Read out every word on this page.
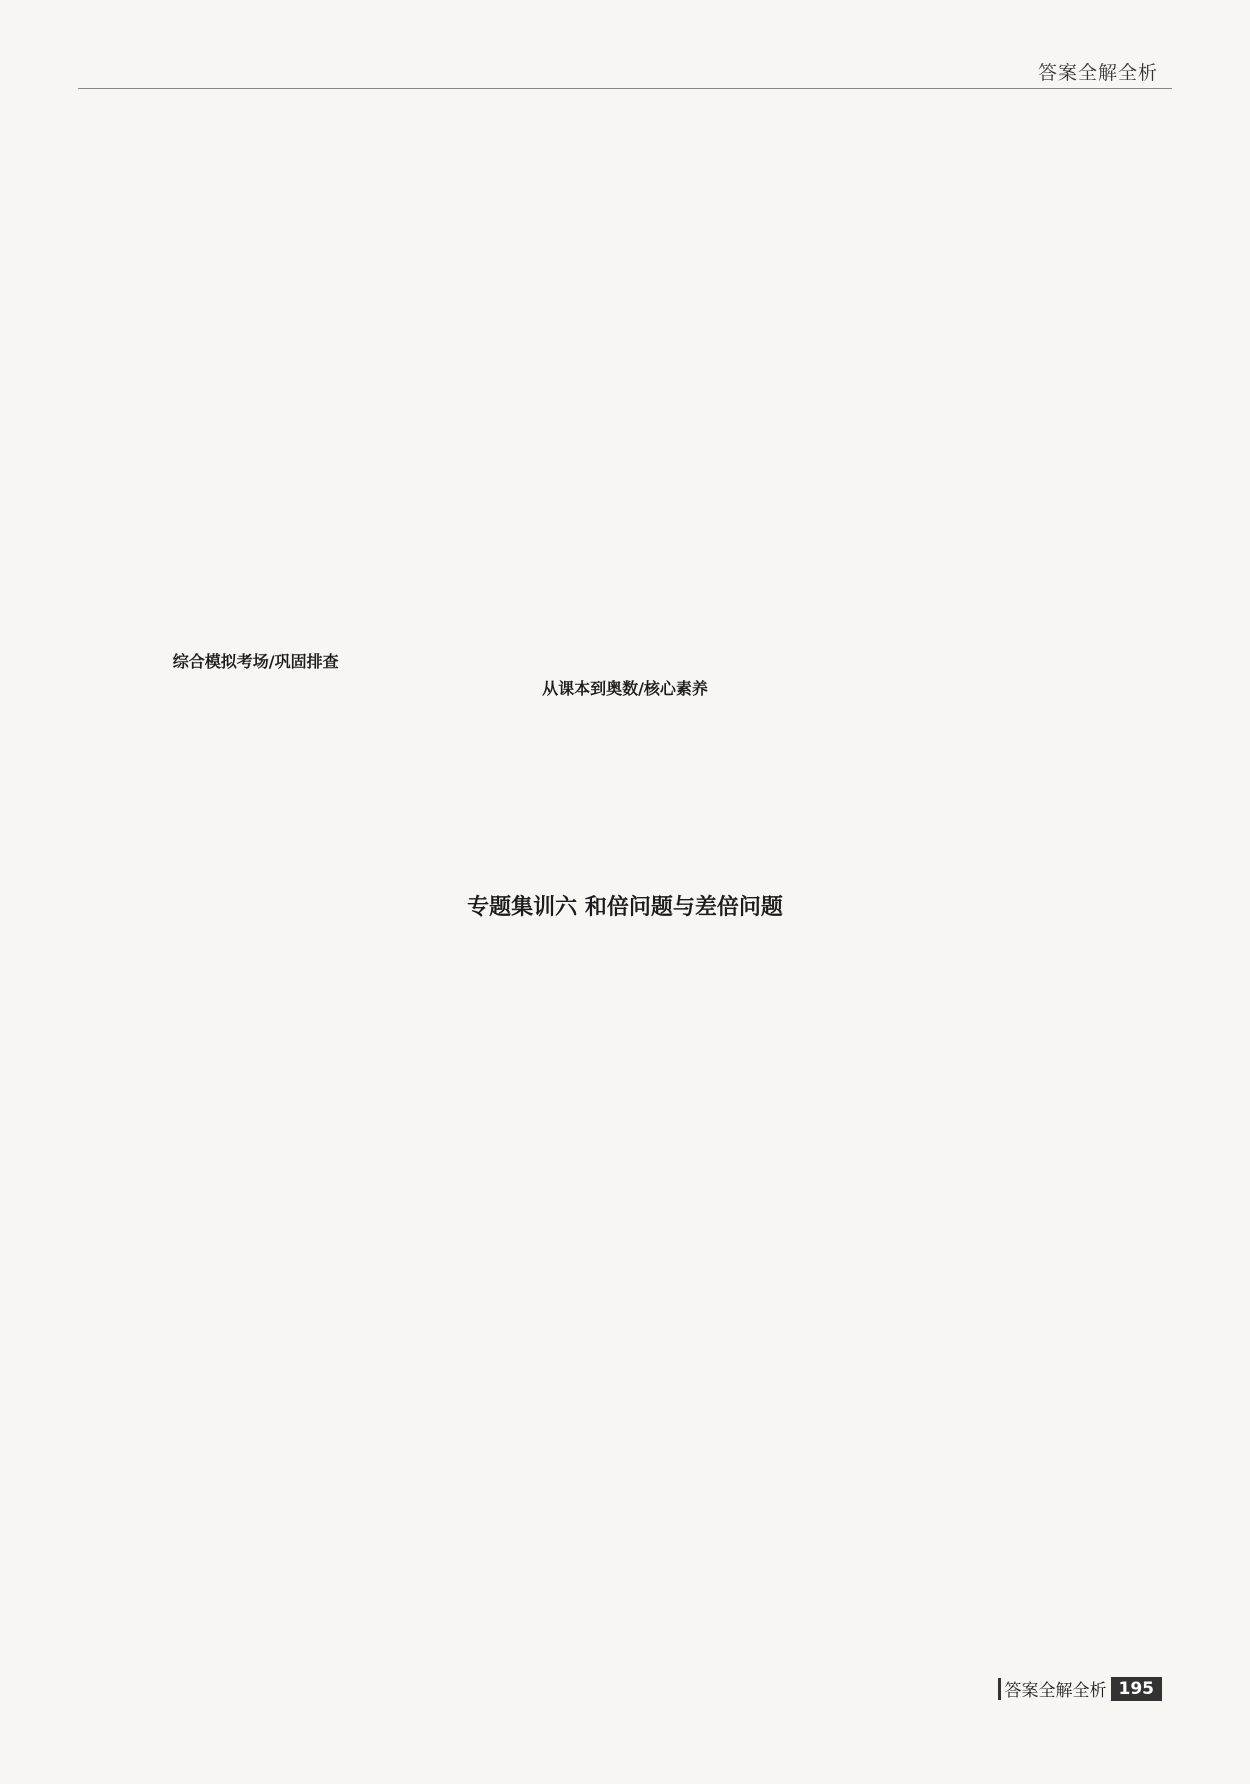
答案全解全析
综合模拟考场/巩固排查
从课本到奥数/核心素养
专题集训六 和倍问题与差倍问题
答案全解全析 195
